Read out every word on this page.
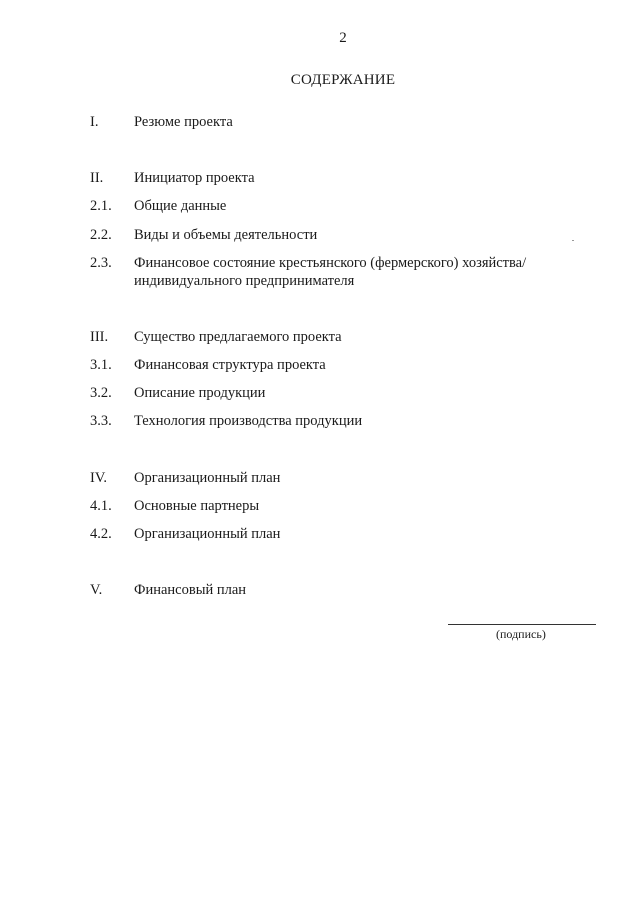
2
СОДЕРЖАНИЕ
I.	Резюме проекта
II.	Инициатор проекта
2.1.	Общие данные
2.2.	Виды и объемы деятельности
2.3.	Финансовое состояние крестьянского (фермерского) хозяйства/индивидуального предпринимателя
III.	Существо предлагаемого проекта
3.1.	Финансовая структура проекта
3.2.	Описание продукции
3.3.	Технология производства продукции
IV.	Организационный план
4.1.	Основные партнеры
4.2.	Организационный план
V.	Финансовый план
(подпись)
